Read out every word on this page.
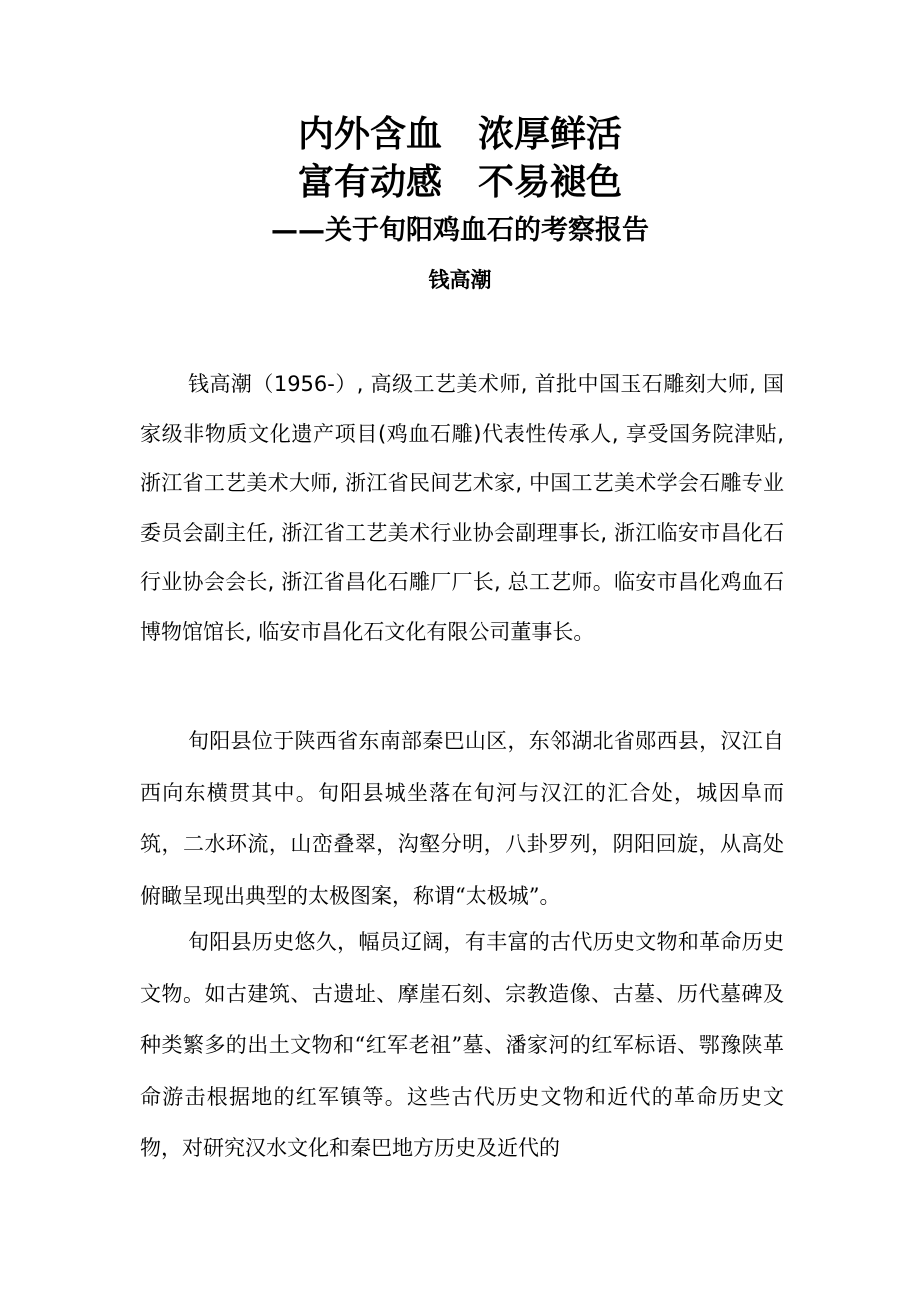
内外含血　浓厚鲜活
富有动感　不易褪色
——关于旬阳鸡血石的考察报告
钱高潮

钱高潮（1956-）, 高级工艺美术师, 首批中国玉石雕刻大师, 国家级非物质文化遗产项目(鸡血石雕)代表性传承人, 享受国务院津贴, 浙江省工艺美术大师, 浙江省民间艺术家, 中国工艺美术学会石雕专业委员会副主任, 浙江省工艺美术行业协会副理事长, 浙江临安市昌化石行业协会会长, 浙江省昌化石雕厂厂长, 总工艺师。临安市昌化鸡血石博物馆馆长, 临安市昌化石文化有限公司董事长。

旬阳县位于陕西省东南部秦巴山区，东邻湖北省郧西县，汉江自西向东横贯其中。旬阳县城坐落在旬河与汉江的汇合处，城因阜而筑，二水环流，山峦叠翠，沟壑分明，八卦罗列，阴阳回旋，从高处俯瞰呈现出典型的太极图案，称谓“太极城”。

旬阳县历史悠久，幅员辽阔，有丰富的古代历史文物和革命历史文物。如古建筑、古遗址、摩崖石刻、宗教造像、古墓、历代墓碑及种类繁多的出土文物和“红军老祖”墓、潘家河的红军标语、鄂豫陕革命游击根据地的红军镇等。这些古代历史文物和近代的革命历史文物，对研究汉水文化和秦巴地方历史及近代的
